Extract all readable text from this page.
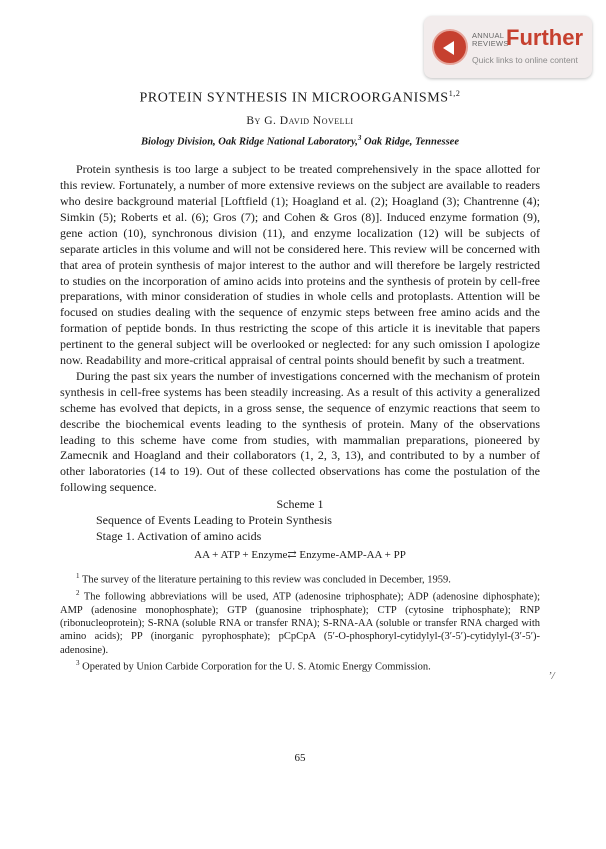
ANNUAL REVIEWS
Further
Quick links to online content

PROTEIN SYNTHESIS IN MICROORGANISMS$^{1,2}$

By G. David Novelli

Biology Division, Oak Ridge National Laboratory,$^3$ Oak Ridge, Tennessee

Protein synthesis is too large a subject to be treated comprehensively in the space allotted for this review. Fortunately, a number of more extensive reviews on the subject are available to readers who desire background material [Loftfield (1); Hoagland et al. (2); Hoagland (3); Chantrenne (4); Simkin (5); Roberts et al. (6); Gros (7); and Cohen & Gros (8)]. Induced enzyme formation (9), gene action (10), synchronous division (11), and enzyme localization (12) will be subjects of separate articles in this volume and will not be considered here. This review will be concerned with that area of protein synthesis of major interest to the author and will therefore be largely restricted to studies on the incorporation of amino acids into proteins and the synthesis of protein by cell-free preparations, with minor consideration of studies in whole cells and protoplasts. Attention will be focused on studies dealing with the sequence of enzymic steps between free amino acids and the formation of peptide bonds. In thus restricting the scope of this article it is inevitable that papers pertinent to the general subject will be overlooked or neglected: for any such omission I apologize now. Readability and more-critical appraisal of central points should benefit by such a treatment.

During the past six years the number of investigations concerned with the mechanism of protein synthesis in cell-free systems has been steadily increasing. As a result of this activity a generalized scheme has evolved that depicts, in a gross sense, the sequence of enzymic reactions that seem to describe the biochemical events leading to the synthesis of protein. Many of the observations leading to this scheme have come from studies, with mammalian preparations, pioneered by Zamecnik and Hoagland and their collaborators (1, 2, 3, 13), and contributed to by a number of other laboratories (14 to 19). Out of these collected observations has come the postulation of the following sequence.

Scheme 1

Sequence of Events Leading to Protein Synthesis

Stage 1. Activation of amino acids

AA + ATP + Enzyme⇄ Enzyme-AMP-AA + PP

$^1$ The survey of the literature pertaining to this review was concluded in December, 1959.

$^2$ The following abbreviations will be used, ATP (adenosine triphosphate); ADP (adenosine diphosphate); AMP (adenosine monophosphate); GTP (guanosine triphosphate); CTP (cytosine triphosphate); RNP (ribonucleoprotein); S-RNA (soluble RNA or transfer RNA); S-RNA-AA (soluble or transfer RNA charged with amino acids); PP (inorganic pyrophosphate); pCpCpA (5′-O-phosphoryl-cytidylyl-(3′-5′)-cytidylyl-(3′-5′)-adenosine).

$^3$ Operated by Union Carbide Corporation for the U. S. Atomic Energy Commission.

65
ʼ/
